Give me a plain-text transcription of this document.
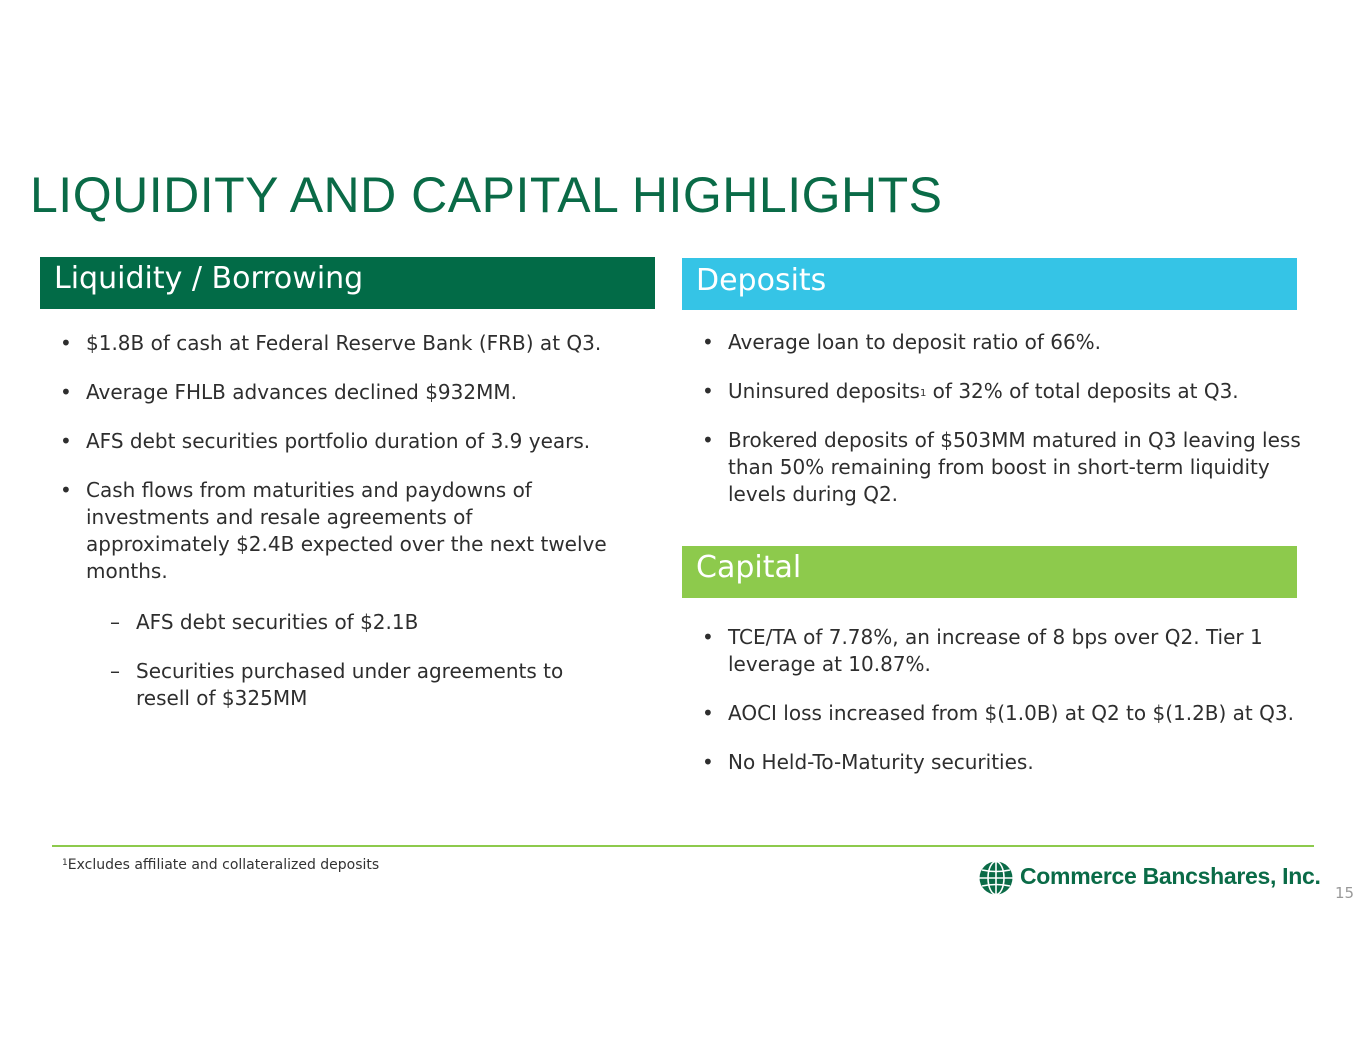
LIQUIDITY AND CAPITAL HIGHLIGHTS
Liquidity / Borrowing
• $1.8B of cash at Federal Reserve Bank (FRB) at Q3.
• Average FHLB advances declined $932MM.
• AFS debt securities portfolio duration of 3.9 years.
• Cash flows from maturities and paydowns of investments and resale agreements of approximately $2.4B expected over the next twelve months.
– AFS debt securities of $2.1B
– Securities purchased under agreements to resell of $325MM
Deposits
• Average loan to deposit ratio of 66%.
• Uninsured deposits$^1$ of 32% of total deposits at Q3.
• Brokered deposits of $503MM matured in Q3 leaving less than 50% remaining from boost in short-term liquidity levels during Q2.
Capital
• TCE/TA of 7.78%, an increase of 8 bps over Q2. Tier 1 leverage at 10.87%.
• AOCI loss increased from $(1.0B) at Q2 to $(1.2B) at Q3.
• No Held-To-Maturity securities.
$^1$Excludes affiliate and collateralized deposits	Commerce Bancshares, Inc.
15
